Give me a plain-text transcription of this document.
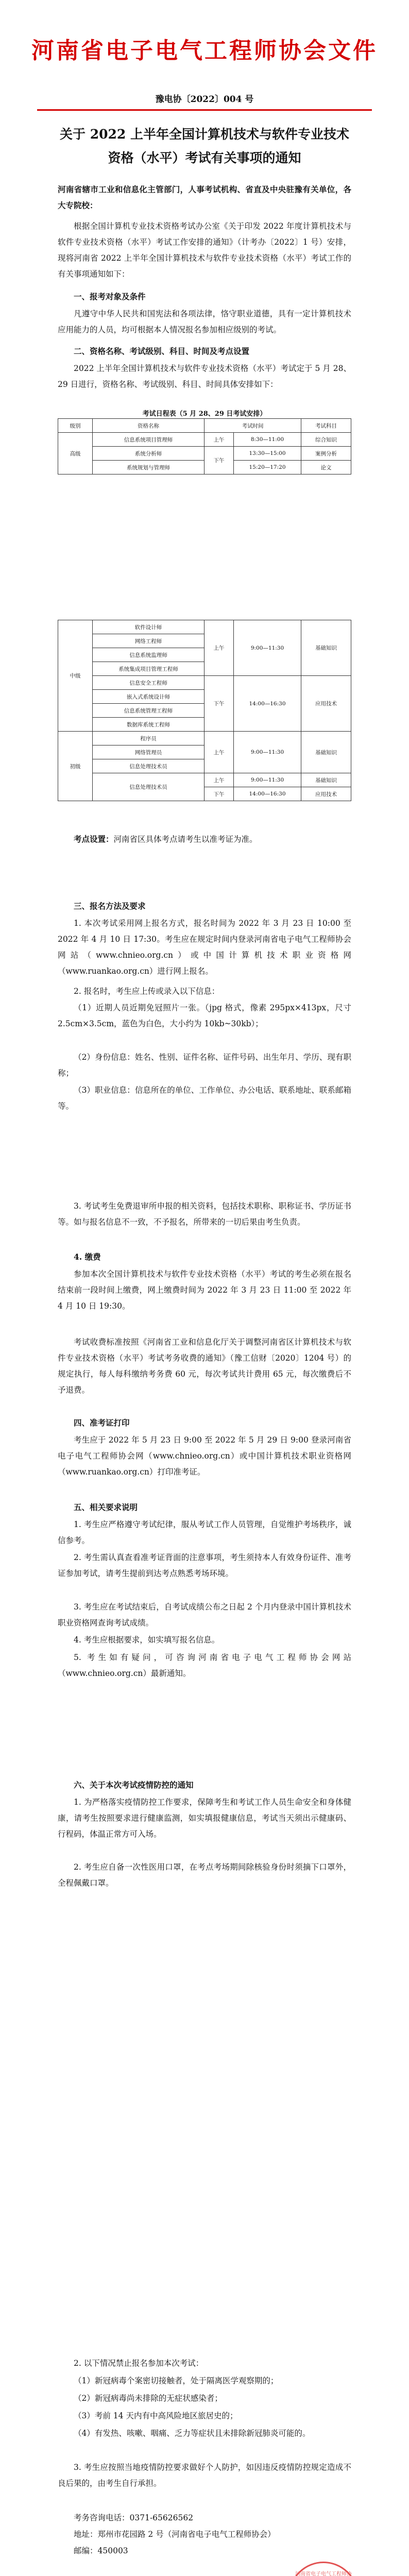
河南省电子电气工程师协会文件
豫电协〔2022〕004 号
关于 2022 上半年全国计算机技术与软件专业技术资格（水平）考试有关事项的通知
河南省辖市工业和信息化主管部门，人事考试机构、省直及中央驻豫有关单位，各大专院校：
根据全国计算机专业技术资格考试办公室《关于印发 2022 年度计算机技术与软件专业技术资格（水平）考试工作安排的通知》（计考办〔2022〕1 号）安排，现将河南省 2022 上半年全国计算机技术与软件专业技术资格（水平）考试工作的有关事项通知如下：
一、报考对象及条件
凡遵守中华人民共和国宪法和各项法律，恪守职业道德，具有一定计算机技术应用能力的人员，均可根据本人情况报名参加相应级别的考试。
二、资格名称、考试级别、科目、时间及考点设置
2022 上半年全国计算机技术与软件专业技术资格（水平）考试定于 5 月 28、29 日进行，资格名称、考试级别、科目、时间具体安排如下：
考试日程表（5 月 28、29 日考试安排）
级别	资格名称	考试时间		考试科目
高级	信息系统项目管理师	上午	8:30—11:00	综合知识
	系统分析师	下午	13:30—15:00	案例分析
	系统规划与管理师		15:20—17:20	论文
中级	软件设计师	上午	9:00—11:30	基础知识
	网络工程师			
	信息系统监理师			
	系统集成项目管理工程师			
	信息安全工程师	下午	14:00—16:30	应用技术
	嵌入式系统设计师			
	信息系统管理工程师			
	数据库系统工程师			
初级	程序员	上午	9:00—11:30	基础知识
	网络管理员			
	信息处理技术员			
	信息处理技术员	上午	9:00—11:30	基础知识
		下午	14:00—16:30	应用技术
考点设置：河南省区具体考点请考生以准考证为准。
三、报名方法及要求
1. 本次考试采用网上报名方式，报名时间为 2022 年 3 月 23 日 10:00 至 2022 年 4 月 10 日 17:30。考生应在规定时间内登录河南省电子电气工程师协会网站（www.chnieo.org.cn）或中国计算机技术职业资格网（www.ruankao.org.cn）进行网上报名。
2. 报名时，考生应上传或录入以下信息：
（1）近期人员近期免冠照片一张。（jpg 格式，像素 295px×413px，尺寸 2.5cm×3.5cm，蓝色为白色，大小约为 10kb~30kb）；
（2）身份信息：姓名、性别、证件名称、证件号码、出生年月、学历、现有职称；
（3）职业信息：信息所在的单位、工作单位、办公电话、联系地址、联系邮箱等。
3. 考试考生免费退审所申报的相关资料，包括技术职称、职称证书、学历证书等。如与报名信息不一致，不予报名，所带来的一切后果由考生负责。
4. 缴费
参加本次全国计算机技术与软件专业技术资格（水平）考试的考生必须在报名结束前一段时间上缴费，网上缴费时间为 2022 年 3 月 23 日 11:00 至 2022 年 4 月 10 日 19:30。
考试收费标准按照《河南省工业和信息化厅关于调整河南省区计算机技术与软件专业技术资格（水平）考试考务收费的通知》（豫工信财〔2020〕1204 号）的规定执行，每人每科缴纳考务费 60 元，每次考试共计费用 65 元，每次缴费后不予退费。
四、准考证打印
考生应于 2022 年 5 月 23 日 9:00 至 2022 年 5 月 29 日 9:00 登录河南省电子电气工程师协会网（www.chnieo.org.cn）或中国计算机技术职业资格网（www.ruankao.org.cn）打印准考证。
五、相关要求说明
1. 考生应严格遵守考试纪律，服从考试工作人员管理，自觉维护考场秩序，诚信参考。
2. 考生需认真查看准考证背面的注意事项，考生须持本人有效身份证件、准考证参加考试，请考生提前到达考点熟悉考场环境。
3. 考生应在考试结束后，自考试成绩公布之日起 2 个月内登录中国计算机技术职业资格网查询考试成绩。
4. 考生应根据要求，如实填写报名信息。
5. 考生如有疑问，可咨询河南省电子电气工程师协会网站（www.chnieo.org.cn）最新通知。
六、关于本次考试疫情防控的通知
1. 为严格落实疫情防控工作要求，保障考生和考试工作人员生命安全和身体健康，请考生按照要求进行健康监测，如实填报健康信息，考试当天须出示健康码、行程码，体温正常方可入场。
2. 考生应自备一次性医用口罩，在考点考场期间除核验身份时须摘下口罩外，全程佩戴口罩。
2. 以下情况禁止报名参加本次考试：
（1）新冠病毒个案密切接触者，处于隔离医学观察期的；
（2）新冠病毒尚未排除的无症状感染者；
（3）考前 14 天内有中高风险地区旅居史的；
（4）有发热、咳嗽、咽痛、乏力等症状且未排除新冠肺炎可能的。
3. 考生应按照当地疫情防控要求做好个人防护，如因违反疫情防控规定造成不良后果的，由考生自行承担。
考务咨询电话：0371-65626562
地址：郑州市花园路 2 号（河南省电子电气工程师协会）
邮编：450003
河南省电子电气工程师协
